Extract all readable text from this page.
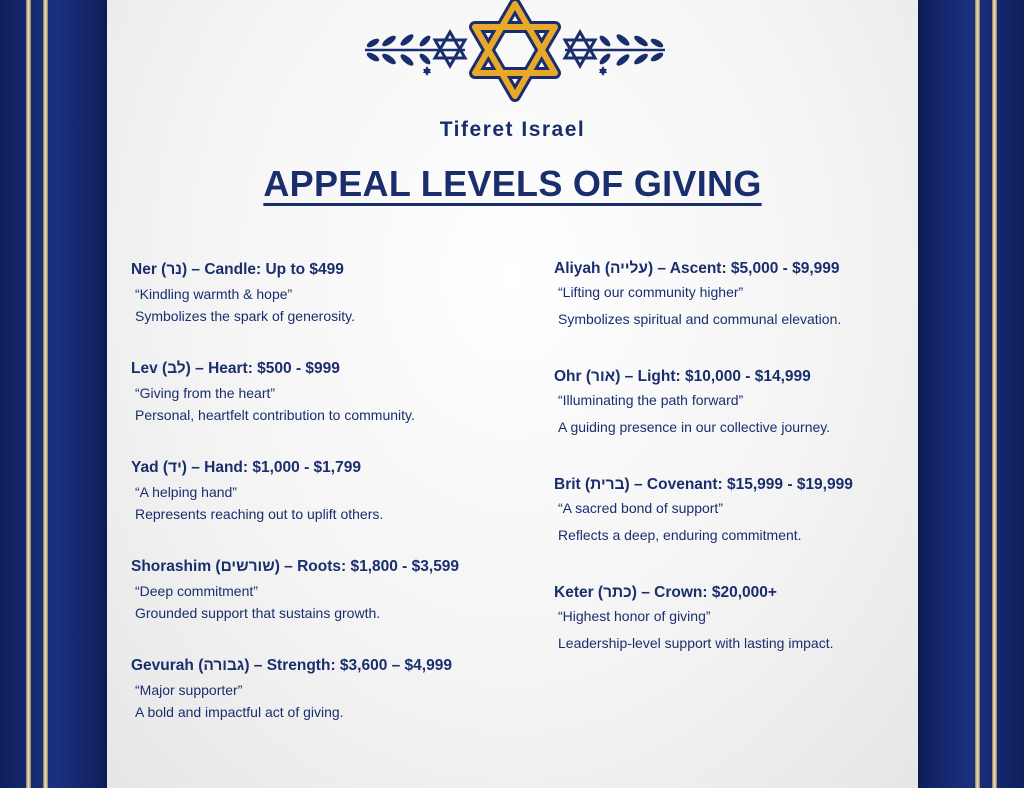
Tiferet Israel
APPEAL LEVELS OF GIVING
Ner (נר) – Candle: Up to $499
“Kindling warmth & hope”
Symbolizes the spark of generosity.
Lev (לב) – Heart: $500 - $999
“Giving from the heart”
Personal, heartfelt contribution to community.
Yad (יד) – Hand: $1,000 - $1,799
“A helping hand”
Represents reaching out to uplift others.
Shorashim (שורשים) – Roots: $1,800 - $3,599
“Deep commitment”
Grounded support that sustains growth.
Gevurah (גבורה) – Strength: $3,600 – $4,999
“Major supporter”
A bold and impactful act of giving.
Aliyah (עלייה) – Ascent: $5,000 - $9,999
“Lifting our community higher”
Symbolizes spiritual and communal elevation.
Ohr (אור) – Light: $10,000 - $14,999
“Illuminating the path forward”
A guiding presence in our collective journey.
Brit (ברית) – Covenant: $15,999 - $19,999
“A sacred bond of support”
Reflects a deep, enduring commitment.
Keter (כתר) – Crown: $20,000+
“Highest honor of giving”
Leadership-level support with lasting impact.
